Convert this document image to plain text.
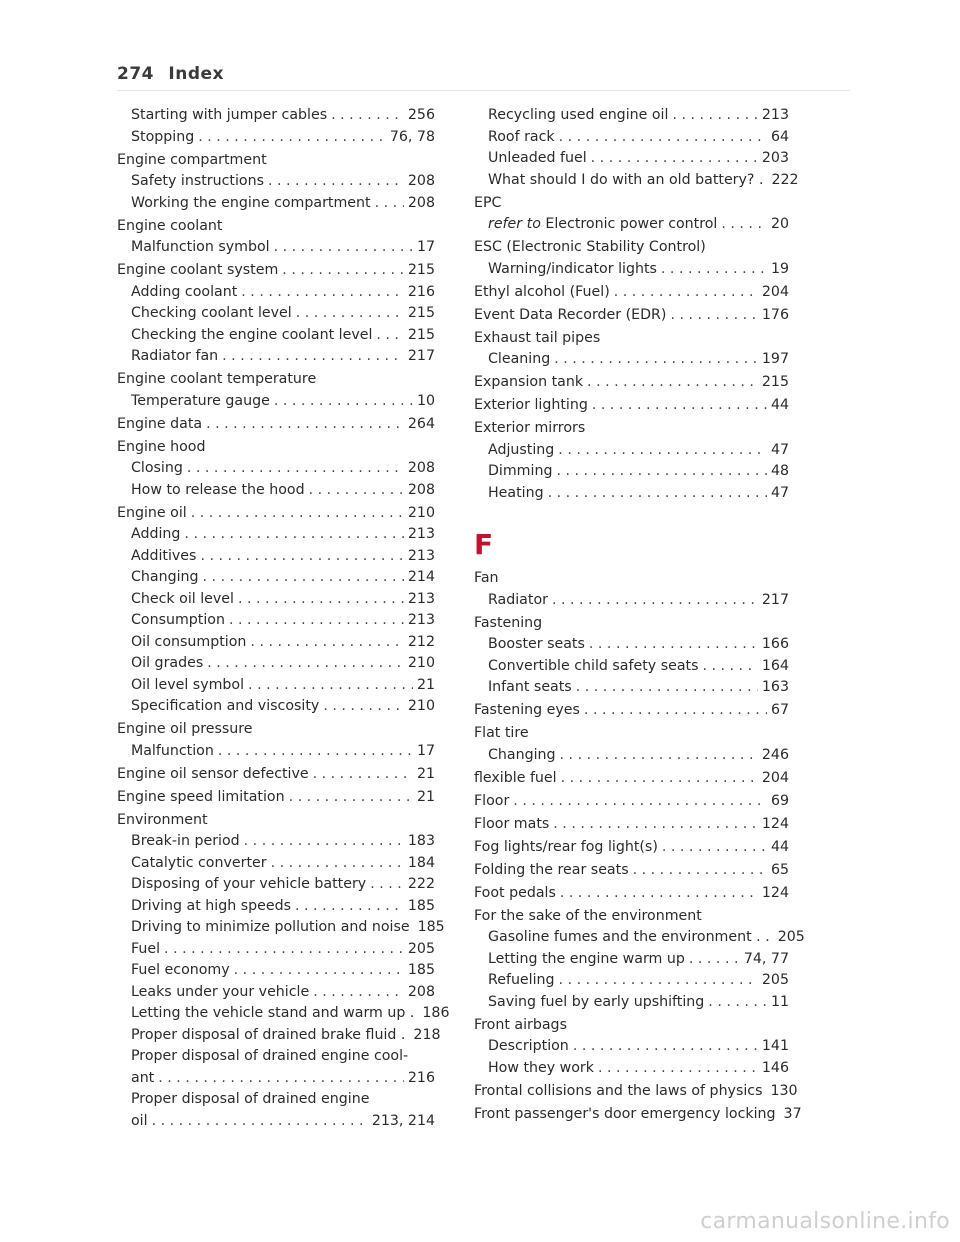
274 Index
Starting with jumper cables . . .	256
Stopping . . .	76, 78
Engine compartment
Safety instructions . . .	208
Working the engine compartment . . .	208
Engine coolant
Malfunction symbol . . .	17
Engine coolant system . . .	215
Adding coolant . . .	216
Checking coolant level . . .	215
Checking the engine coolant level . . .	215
Radiator fan . . .	217
Engine coolant temperature
Temperature gauge . . .	10
Engine data . . .	264
Engine hood
Closing . . .	208
How to release the hood . . .	208
Engine oil . . .	210
Adding . . .	213
Additives . . .	213
Changing . . .	214
Check oil level . . .	213
Consumption . . .	213
Oil consumption . . .	212
Oil grades . . .	210
Oil level symbol . . .	21
Specification and viscosity . . .	210
Engine oil pressure
Malfunction . . .	17
Engine oil sensor defective . . .	21
Engine speed limitation . . .	21
Environment
Break-in period . . .	183
Catalytic converter . . .	184
Disposing of your vehicle battery . . .	222
Driving at high speeds . . .	185
Driving to minimize pollution and noise 185
Fuel . . .	205
Fuel economy . . .	185
Leaks under your vehicle . . .	208
Letting the vehicle stand and warm up . 186
Proper disposal of drained brake fluid . 218
Proper disposal of drained engine cool-
ant . . .	216
Proper disposal of drained engine
oil . . .	213, 214
Recycling used engine oil . . .	213
Roof rack . . .	64
Unleaded fuel . . .	203
What should I do with an old battery? . 222
EPC
refer to Electronic power control . . .	20
ESC (Electronic Stability Control)
Warning/indicator lights . . .	19
Ethyl alcohol (Fuel) . . .	204
Event Data Recorder (EDR) . . .	176
Exhaust tail pipes
Cleaning . . .	197
Expansion tank . . .	215
Exterior lighting . . .	44
Exterior mirrors
Adjusting . . .	47
Dimming . . .	48
Heating . . .	47
F
Fan
Radiator . . .	217
Fastening
Booster seats . . .	166
Convertible child safety seats . . .	164
Infant seats . . .	163
Fastening eyes . . .	67
Flat tire
Changing . . .	246
flexible fuel . . .	204
Floor . . .	69
Floor mats . . .	124
Fog lights/rear fog light(s) . . .	44
Folding the rear seats . . .	65
Foot pedals . . .	124
For the sake of the environment
Gasoline fumes and the environment . . 205
Letting the engine warm up . . .	74, 77
Refueling . . .	205
Saving fuel by early upshifting . . .	11
Front airbags
Description . . .	141
How they work . . .	146
Frontal collisions and the laws of physics 130
Front passenger's door emergency locking 37
carmanualsonline.info
